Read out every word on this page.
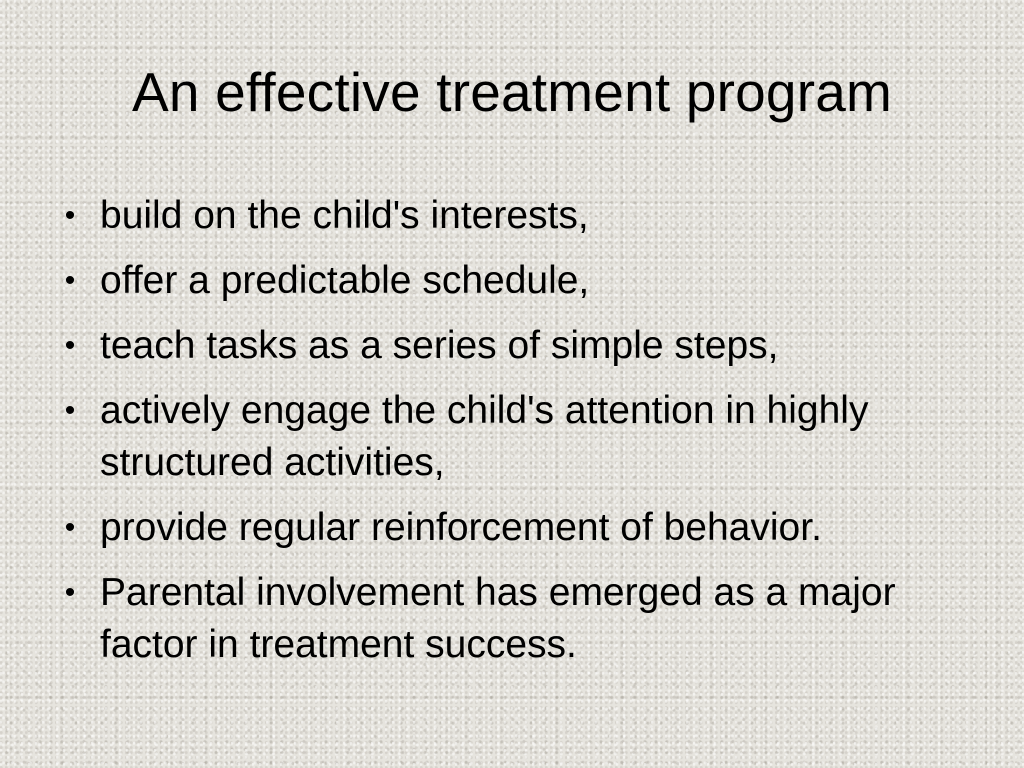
An effective treatment program
• build on the child's interests,
• offer a predictable schedule,
• teach tasks as a series of simple steps,
• actively engage the child's attention in highly structured activities,
• provide regular reinforcement of behavior.
• Parental involvement has emerged as a major factor in treatment success.
